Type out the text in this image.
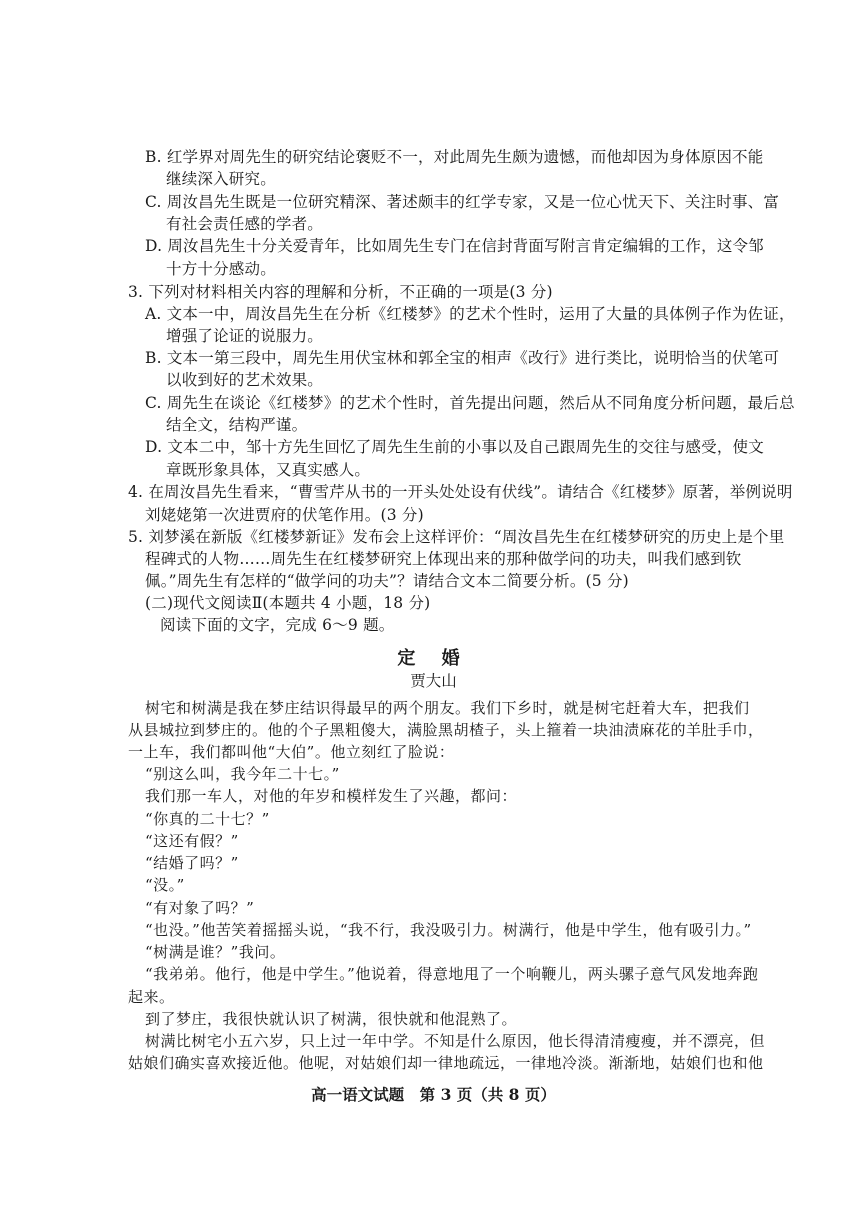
B. 红学界对周先生的研究结论褒贬不一，对此周先生颇为遗憾，而他却因为身体原因不能
继续深入研究。
C. 周汝昌先生既是一位研究精深、著述颇丰的红学专家，又是一位心忧天下、关注时事、富
有社会责任感的学者。
D. 周汝昌先生十分关爱青年，比如周先生专门在信封背面写附言肯定编辑的工作，这令邹
十方十分感动。
3. 下列对材料相关内容的理解和分析，不正确的一项是(3 分)
A. 文本一中，周汝昌先生在分析《红楼梦》的艺术个性时，运用了大量的具体例子作为佐证，
增强了论证的说服力。
B. 文本一第三段中，周先生用伏宝林和郭全宝的相声《改行》进行类比，说明恰当的伏笔可
以收到好的艺术效果。
C. 周先生在谈论《红楼梦》的艺术个性时，首先提出问题，然后从不同角度分析问题，最后总
结全文，结构严谨。
D. 文本二中，邹十方先生回忆了周先生生前的小事以及自己跟周先生的交往与感受，使文
章既形象具体，又真实感人。
4. 在周汝昌先生看来，“曹雪芹从书的一开头处处设有伏线”。请结合《红楼梦》原著，举例说明
刘姥姥第一次进贾府的伏笔作用。(3 分)
5. 刘梦溪在新版《红楼梦新证》发布会上这样评价：“周汝昌先生在红楼梦研究的历史上是个里
程碑式的人物……周先生在红楼梦研究上体现出来的那种做学问的功夫，叫我们感到钦
佩。”周先生有怎样的“做学问的功夫”？请结合文本二简要分析。(5 分)
(二)现代文阅读Ⅱ(本题共 4 小题，18 分)
阅读下面的文字，完成 6～9 题。
定 婚
贾大山
树宅和树满是我在梦庄结识得最早的两个朋友。我们下乡时，就是树宅赶着大车，把我们
从县城拉到梦庄的。他的个子黑粗傻大，满脸黑胡楂子，头上箍着一块油渍麻花的羊肚手巾，
一上车，我们都叫他“大伯”。他立刻红了脸说：
“别这么叫，我今年二十七。”
我们那一车人，对他的年岁和模样发生了兴趣，都问：
“你真的二十七？”
“这还有假？”
“结婚了吗？”
“没。”
“有对象了吗？”
“也没。”他苦笑着摇摇头说，“我不行，我没吸引力。树满行，他是中学生，他有吸引力。”
“树满是谁？”我问。
“我弟弟。他行，他是中学生。”他说着，得意地甩了一个响鞭儿，两头骡子意气风发地奔跑
起来。
到了梦庄，我很快就认识了树满，很快就和他混熟了。
树满比树宅小五六岁，只上过一年中学。不知是什么原因，他长得清清瘦瘦，并不漂亮，但
姑娘们确实喜欢接近他。他呢，对姑娘们却一律地疏远，一律地冷淡。渐渐地，姑娘们也和他
高一语文试题　第 3 页（共 8 页）
